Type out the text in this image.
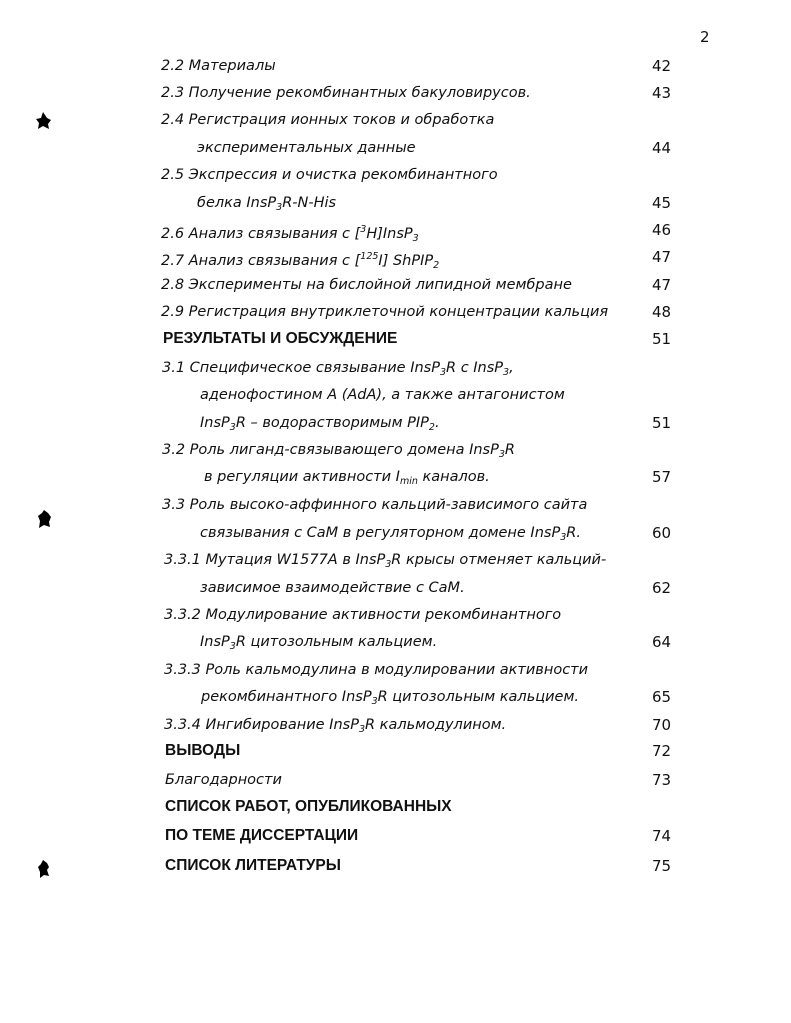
2
2.2 Материалы	42
2.3 Получение рекомбинантных бакуловирусов.	43
2.4 Регистрация ионных токов и обработка
экспериментальных данные	44
2.5 Экспрессия и очистка рекомбинантного
белка InsP$_3$R-N-His	45
2.6 Анализ связывания с [$^3$H]InsP$_3$	46
2.7 Анализ связывания с [$^{125}$I] ShPIP$_2$	47
2.8 Эксперименты на бислойной липидной мембране	47
2.9 Регистрация внутриклеточной концентрации кальция	48
РЕЗУЛЬТАТЫ И ОБСУЖДЕНИЕ	51
3.1 Специфическое связывание InsP$_3$R с InsP$_3$,
аденофостином А (AdA), а также антагонистом
InsP$_3$R – водорастворимым $PIP_2$.	51
3.2 Роль лиганд-связывающего домена InsP$_3$R
в регуляции активности $I_{min}$ каналов.	57
3.3 Роль высоко-аффинного кальций-зависимого сайта
связывания с СаМ в регуляторном домене InsP$_3$R.	60
3.3.1 Мутация W1577A в InsP$_3$R крысы отменяет кальций-
зависимое взаимодействие с СаМ.	62
3.3.2 Модулирование активности рекомбинантного
InsP$_3$R цитозольным кальцием.	64
3.3.3 Роль кальмодулина в модулировании активности
рекомбинантного InsP$_3$R цитозольным кальцием.	65
3.3.4 Ингибирование InsP$_3$R кальмодулином.	70
ВЫВОДЫ	72
Благодарности	73
СПИСОК РАБОТ, ОПУБЛИКОВАННЫХ
ПО ТЕМЕ ДИССЕРТАЦИИ	74
СПИСОК ЛИТЕРАТУРЫ	75
